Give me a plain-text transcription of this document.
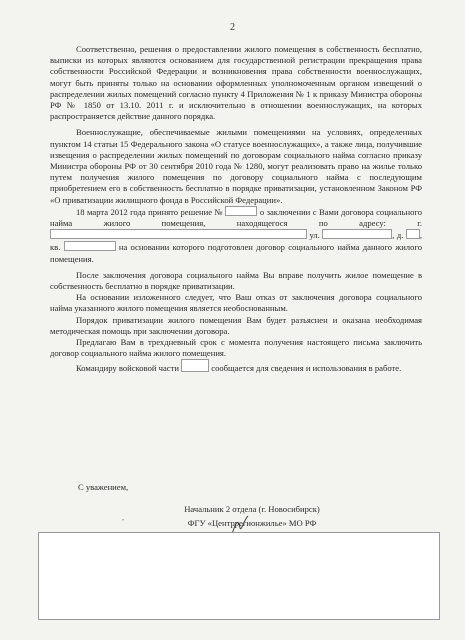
2

Соответственно, решения о предоставлении жилого помещения в собственность бесплатно, выписки из которых являются основанием для государственной регистрации прекращения права собственности Российской Федерации и возникновения права собственности военнослужащих, могут быть приняты только на основании оформленных уполномоченным органом извещений о распределении жилых помещений согласно пункту 4 Приложения № 1 к приказу Министра обороны РФ № 1850 от 13.10. 2011 г. и исключительно в отношении военнослужащих, на которых распространяется действие данного порядка.

Военнослужащие, обеспечиваемые жилыми помещениями на условиях, определенных пунктом 14 статьи 15 Федерального закона «О статусе военнослужащих», а также лица, получившие извещения о распределении жилых помещений по договорам социального найма согласно приказу Министра обороны РФ от 30 сентября 2010 года № 1280, могут реализовать право на жилье только путем получения жилого помещения по договору социального найма с последующим приобретением его в собственность бесплатно в порядке приватизации, установленном Законом РФ «О приватизации жилищного фонда в Российской Федерации».

18 марта 2012 года принято решение №	о заключении с Вами договора социального найма жилого помещения, находящегося по адресу: г.  ул.	, д. , кв.	на основании которого подготовлен договор социального найма данного жилого помещения.

После заключения договора социального найма Вы вправе получить жилое помещение в собственность бесплатно в порядке приватизации.

На основании изложенного следует, что Ваш отказ от заключения договора социального найма указанного жилого помещения является необоснованным.

Порядок приватизации жилого помещения Вам будет разъяснен и оказана необходимая методическая помощь при заключении договора.

Предлагаю Вам в трехдневный срок с момента получения настоящего письма заключить договор социального найма жилого помещения.

Командиру войсковой части	сообщается для сведения и использования в работе.

С уважением,
Начальник 2 отдела (г. Новосибирск)
•	ФГУ «Центррегионжилье» МО РФ
